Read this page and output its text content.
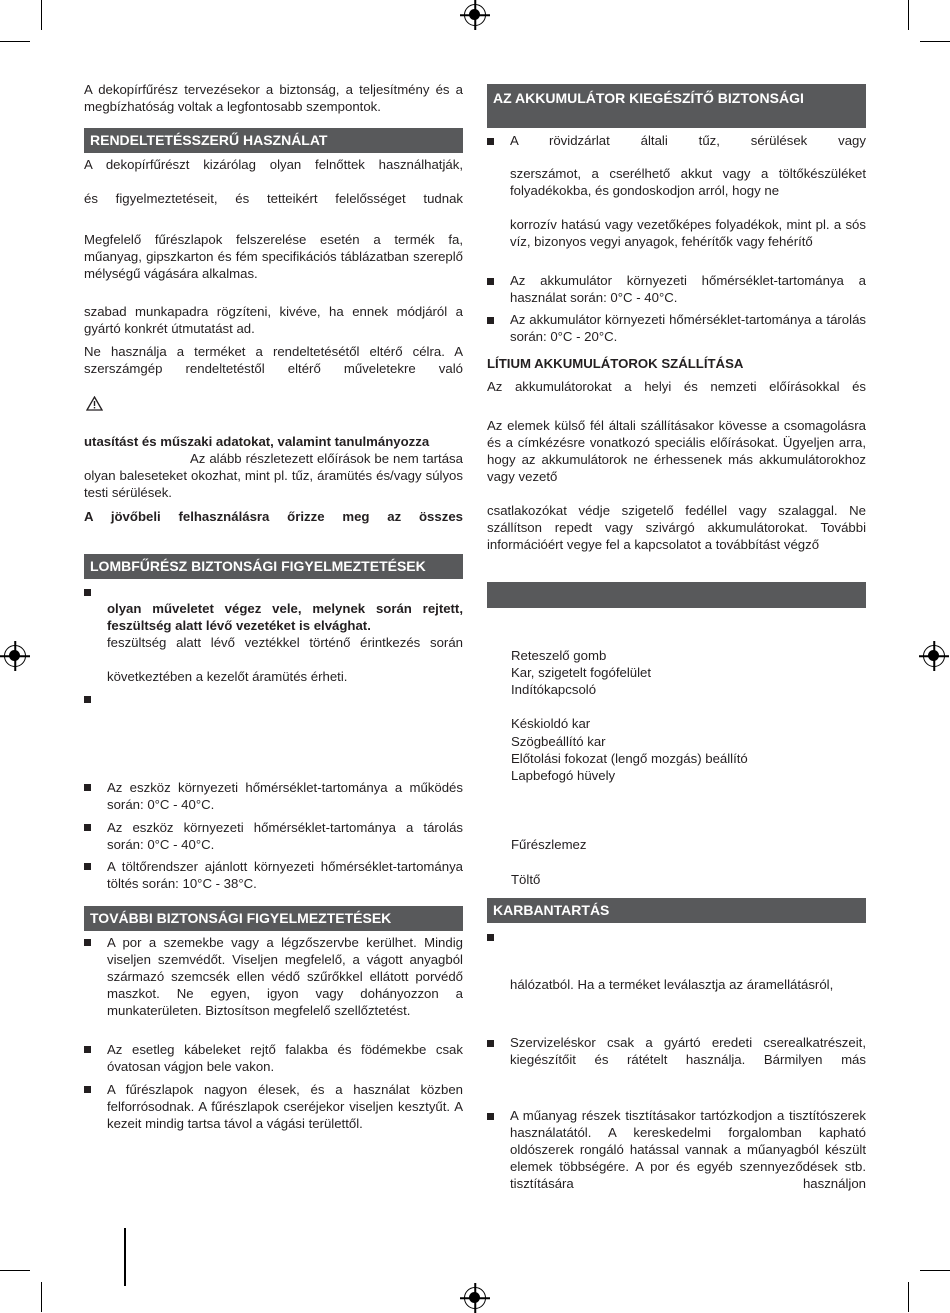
A dekopírfűrész tervezésekor a biztonság, a teljesítmény és a megbízhatóság voltak a legfontosabb szempontok.
RENDELTETÉSSZERŰ HASZNÁLAT
A dekopírfűrészt kizárólag olyan felnőttek használhatják,
és figyelmeztetéseit, és tetteikért felelősséget tudnak
Megfelelő fűrészlapok felszerelése esetén a termék fa, műanyag, gipszkarton és fém specifikációs táblázatban szereplő mélységű vágására alkalmas.
szabad munkapadra rögzíteni, kivéve, ha ennek módjáról a gyártó konkrét útmutatást ad.
Ne használja a terméket a rendeltetésétől eltérő célra. A szerszámgép rendeltetéstől eltérő műveletekre való
utasítást és műszaki adatokat, valamint tanulmányozza
Az alább részletezett előírások be nem tartása olyan baleseteket okozhat, mint pl. tűz, áramütés és/vagy súlyos testi sérülések.
A jövőbeli felhasználásra őrizze meg az összes
LOMBFŰRÉSZ BIZTONSÁGI FIGYELMEZTETÉSEK
olyan műveletet végez vele, melynek során rejtett, feszültség alatt lévő vezetéket is elvághat.
feszültség alatt lévő veztékkel történő érintkezés során
következtében a kezelőt áramütés érheti.
Az eszköz környezeti hőmérséklet-tartománya a működés során: 0°C - 40°C.
Az eszköz környezeti hőmérséklet-tartománya a tárolás során: 0°C - 40°C.
A töltőrendszer ajánlott környezeti hőmérséklet-tartománya töltés során: 10°C - 38°C.
TOVÁBBI BIZTONSÁGI FIGYELMEZTETÉSEK
A por a szemekbe vagy a légzőszervbe kerülhet. Mindig viseljen szemvédőt. Viseljen megfelelő, a vágott anyagból származó szemcsék ellen védő szűrőkkel ellátott porvédő maszkot. Ne egyen, igyon vagy dohányozzon a munkaterületen. Biztosítson megfelelő szellőztetést.
Az esetleg kábeleket rejtő falakba és födémekbe csak óvatosan vágjon bele vakon.
A fűrészlapok nagyon élesek, és a használat közben felforrósodnak. A fűrészlapok cseréjekor viseljen kesztyűt. A kezeit mindig tartsa távol a vágási területtől.
AZ AKKUMULÁTOR KIEGÉSZÍTŐ BIZTONSÁGI
A rövidzárlat általi tűz, sérülések vagy
szerszámot, a cserélhető akkut vagy a töltőkészüléket folyadékokba, és gondoskodjon arról, hogy ne
korrozív hatású vagy vezetőképes folyadékok, mint pl. a sós víz, bizonyos vegyi anyagok, fehérítők vagy fehérítő
Az akkumulátor környezeti hőmérséklet-tartománya a használat során: 0°C - 40°C.
Az akkumulátor környezeti hőmérséklet-tartománya a tárolás során: 0°C - 20°C.
LÍTIUM AKKUMULÁTOROK SZÁLLÍTÁSA
Az akkumulátorokat a helyi és nemzeti előírásokkal és
Az elemek külső fél általi szállításakor kövesse a csomagolásra és a címkézésre vonatkozó speciális előírásokat. Ügyeljen arra, hogy az akkumulátorok ne érhessenek más akkumulátorokhoz vagy vezető
csatlakozókat védje szigetelő fedéllel vagy szalaggal. Ne szállítson repedt vagy szivárgó akkumulátorokat. További információért vegye fel a kapcsolatot a továbbítást végző
Reteszelő gomb
Kar, szigetelt fogófelület
Indítókapcsoló
Késkioldó kar
Szögbeállító kar
Előtolási fokozat (lengő mozgás) beállító
Lapbefogó hüvely
Fűrészlemez
Töltő
KARBANTARTÁS
hálózatból. Ha a terméket leválasztja az áramellátásról,
Szervizeléskor csak a gyártó eredeti cserealkatrészeit, kiegészítőit és rátételt használja. Bármilyen más
A műanyag részek tisztításakor tartózkodjon a tisztítószerek használatától. A kereskedelmi forgalomban kapható oldószerek rongáló hatással vannak a műanyagból készült elemek többségére. A por és egyéb szennyeződések stb. tisztítására használjon
